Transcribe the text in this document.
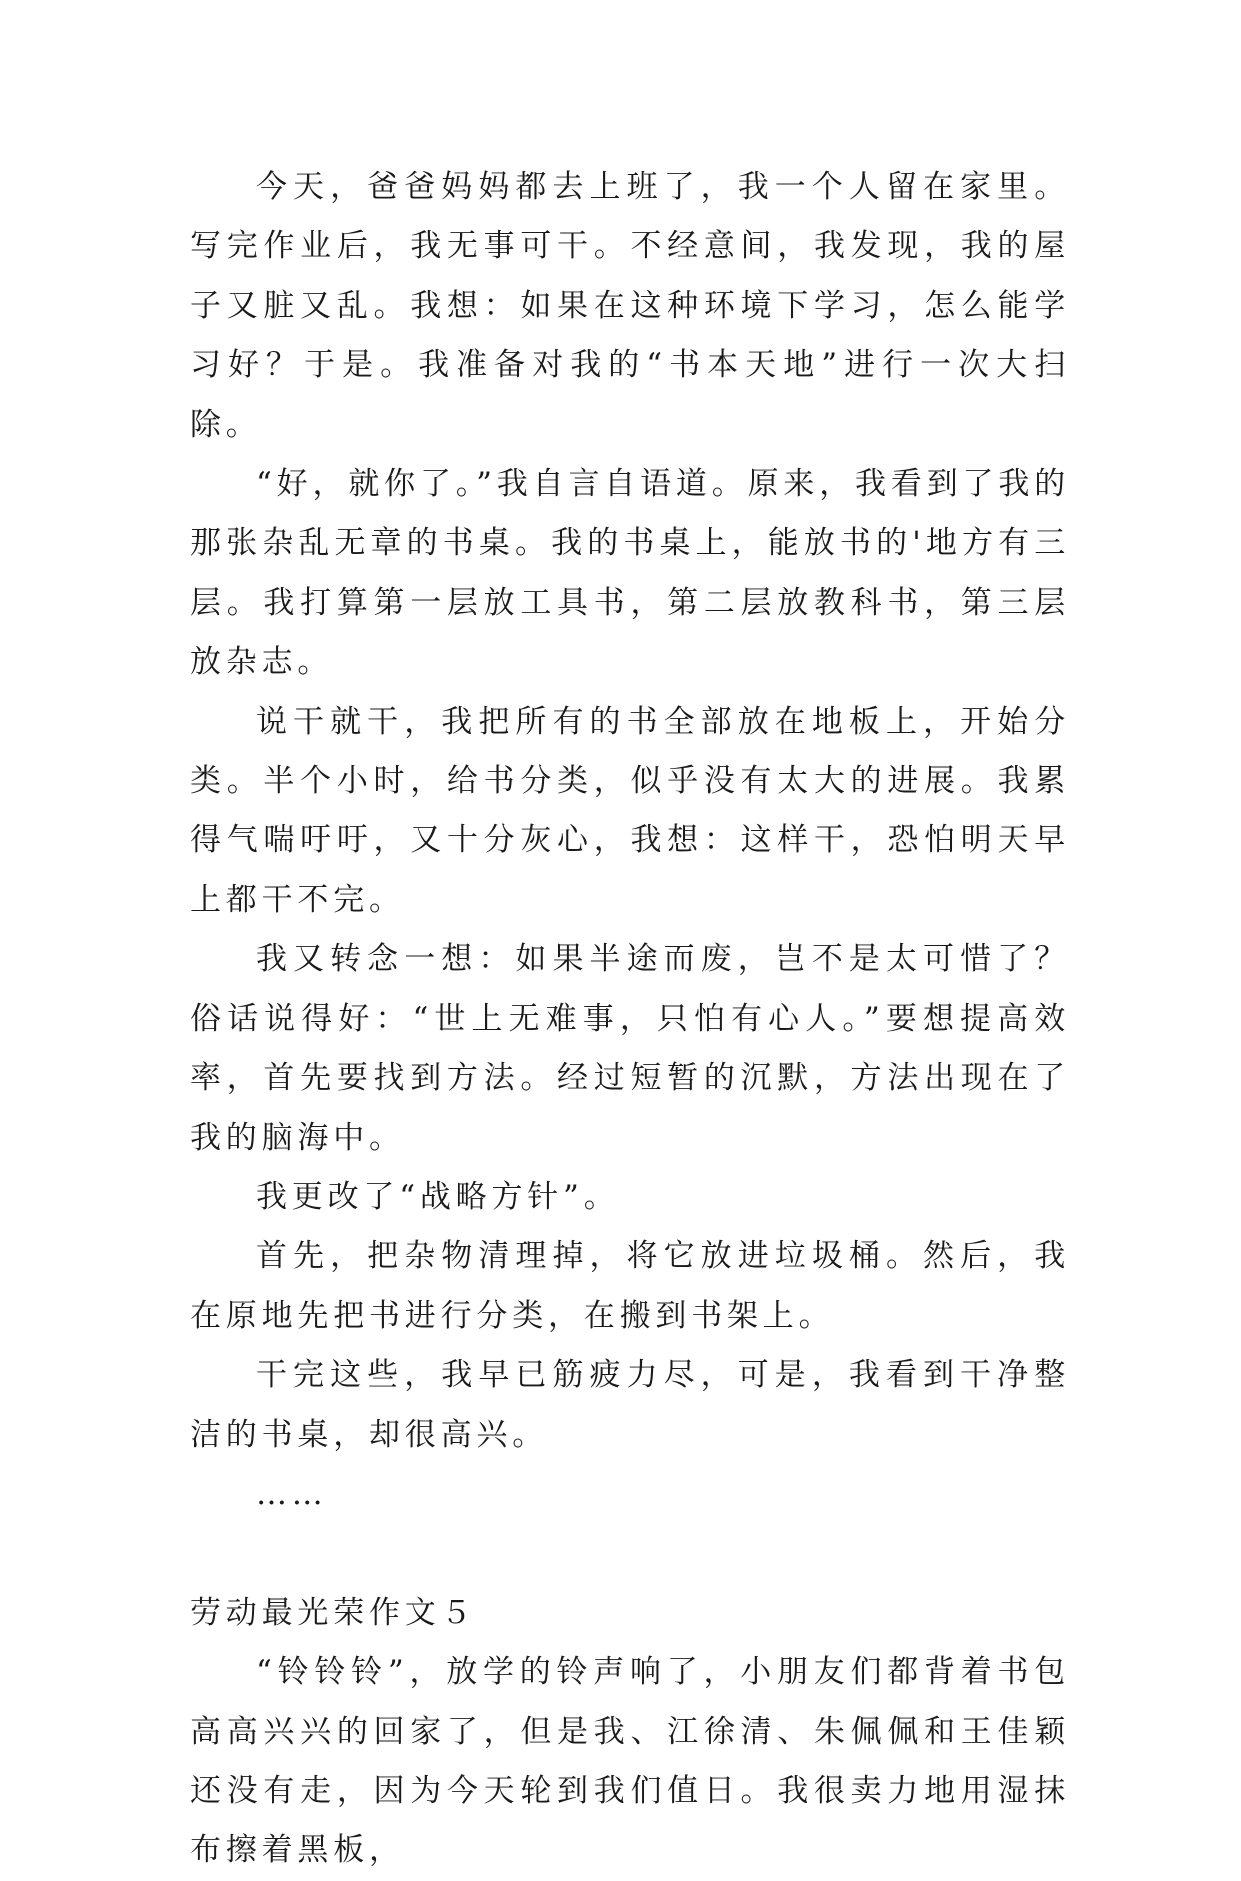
今天，爸爸妈妈都去上班了，我一个人留在家里。写完作业后，我无事可干。不经意间，我发现，我的屋子又脏又乱。我想：如果在这种环境下学习，怎么能学习好？于是。我准备对我的“书本天地”进行一次大扫除。

“好，就你了。”我自言自语道。原来，我看到了我的那张杂乱无章的书桌。我的书桌上，能放书的'地方有三层。我打算第一层放工具书，第二层放教科书，第三层放杂志。

说干就干，我把所有的书全部放在地板上，开始分类。半个小时，给书分类，似乎没有太大的进展。我累得气喘吁吁，又十分灰心，我想：这样干，恐怕明天早上都干不完。

我又转念一想：如果半途而废，岂不是太可惜了？俗话说得好：“世上无难事，只怕有心人。”要想提高效率，首先要找到方法。经过短暂的沉默，方法出现在了我的脑海中。

我更改了“战略方针”。

首先，把杂物清理掉，将它放进垃圾桶。然后，我在原地先把书进行分类，在搬到书架上。

干完这些，我早已筋疲力尽，可是，我看到干净整洁的书桌，却很高兴。

……

劳动最光荣作文５

“铃铃铃”，放学的铃声响了，小朋友们都背着书包高高兴兴的回家了，但是我、江徐清、朱佩佩和王佳颖还没有走，因为今天轮到我们值日。我很卖力地用湿抹布擦着黑板，
